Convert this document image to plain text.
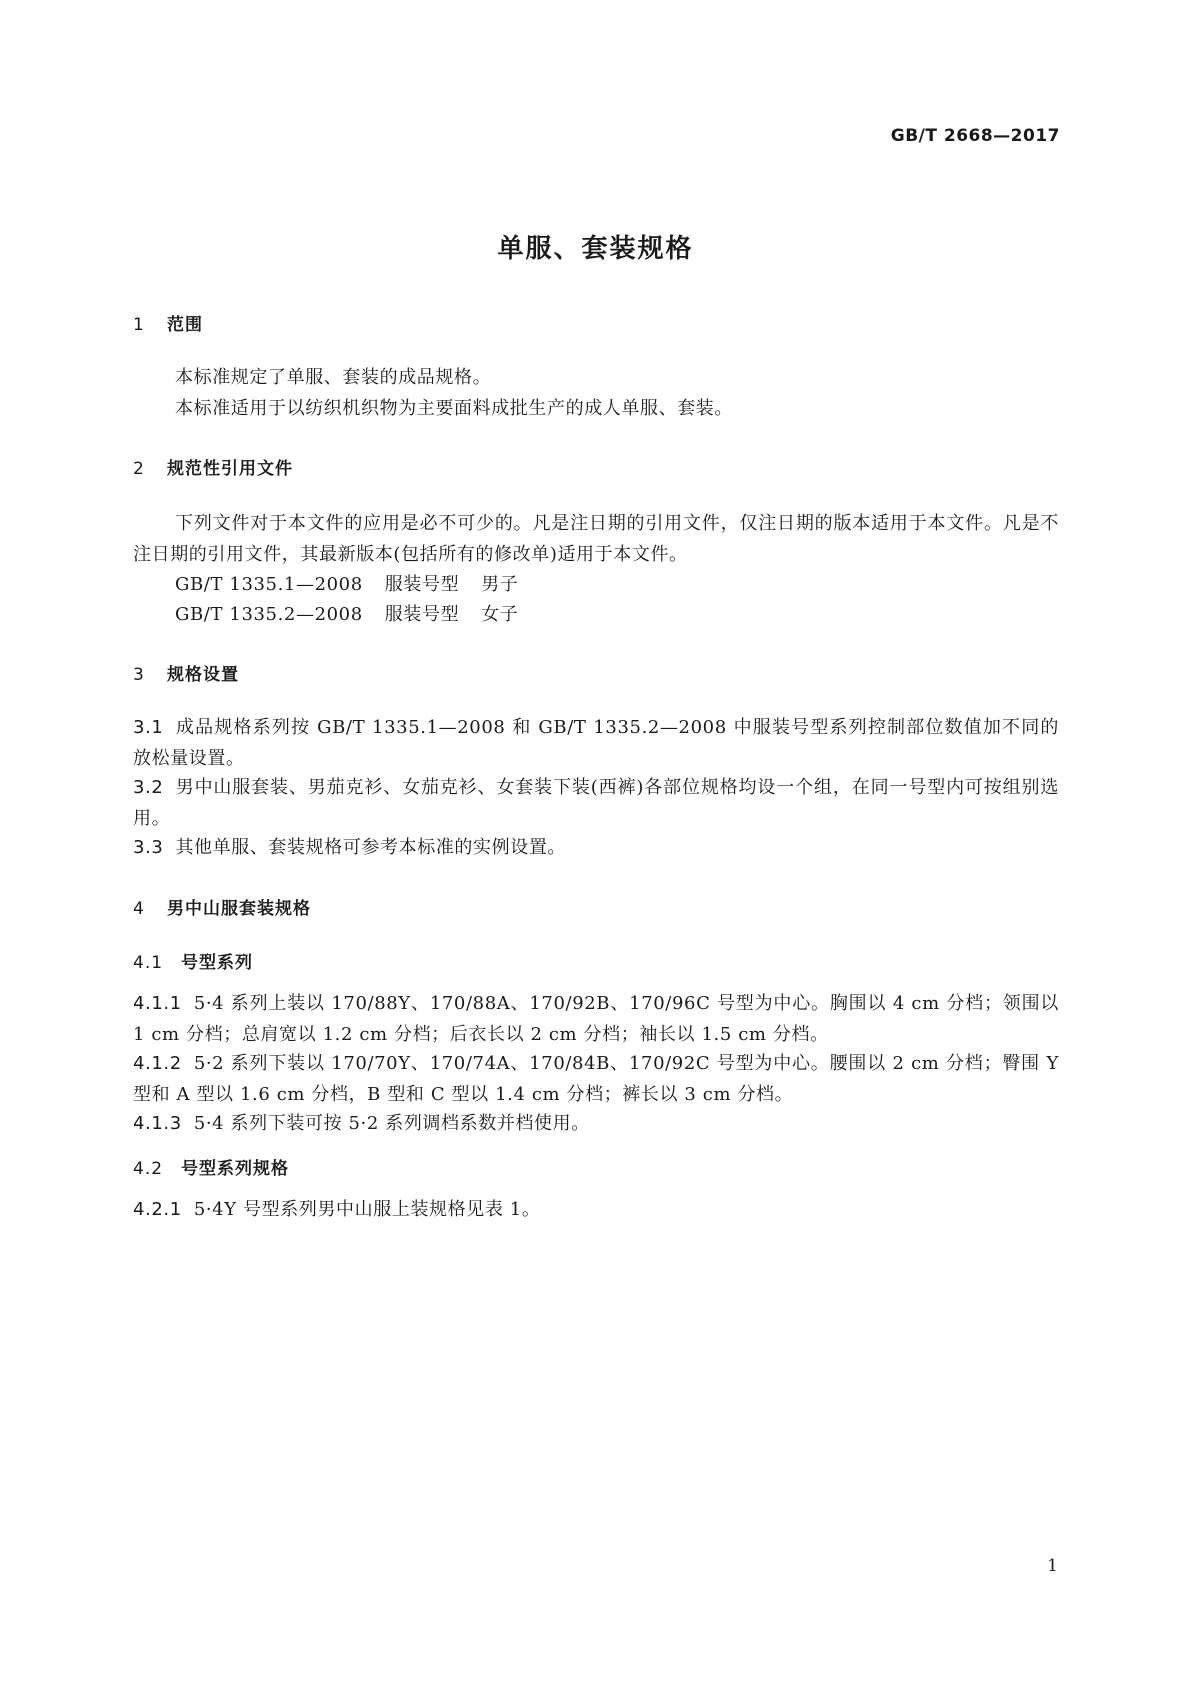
GB/T 2668—2017
单服、套装规格
1 范围
本标准规定了单服、套装的成品规格。
本标准适用于以纺织机织物为主要面料成批生产的成人单服、套装。
2 规范性引用文件
下列文件对于本文件的应用是必不可少的。凡是注日期的引用文件，仅注日期的版本适用于本文件。凡是不注日期的引用文件，其最新版本(包括所有的修改单)适用于本文件。
GB/T 1335.1—2008 服装号型 男子
GB/T 1335.2—2008 服装号型 女子
3 规格设置
3.1 成品规格系列按 GB/T 1335.1—2008 和 GB/T 1335.2—2008 中服装号型系列控制部位数值加不同的放松量设置。
3.2 男中山服套装、男茄克衫、女茄克衫、女套装下装(西裤)各部位规格均设一个组，在同一号型内可按组别选用。
3.3 其他单服、套装规格可参考本标准的实例设置。
4 男中山服套装规格
4.1 号型系列
4.1.1 5·4 系列上装以 170/88Y、170/88A、170/92B、170/96C 号型为中心。胸围以 4 cm 分档；领围以 1 cm 分档；总肩宽以 1.2 cm 分档；后衣长以 2 cm 分档；袖长以 1.5 cm 分档。
4.1.2 5·2 系列下装以 170/70Y、170/74A、170/84B、170/92C 号型为中心。腰围以 2 cm 分档；臀围 Y 型和 A 型以 1.6 cm 分档，B 型和 C 型以 1.4 cm 分档；裤长以 3 cm 分档。
4.1.3 5·4 系列下装可按 5·2 系列调档系数并档使用。
4.2 号型系列规格
4.2.1 5·4Y 号型系列男中山服上装规格见表 1。
1
